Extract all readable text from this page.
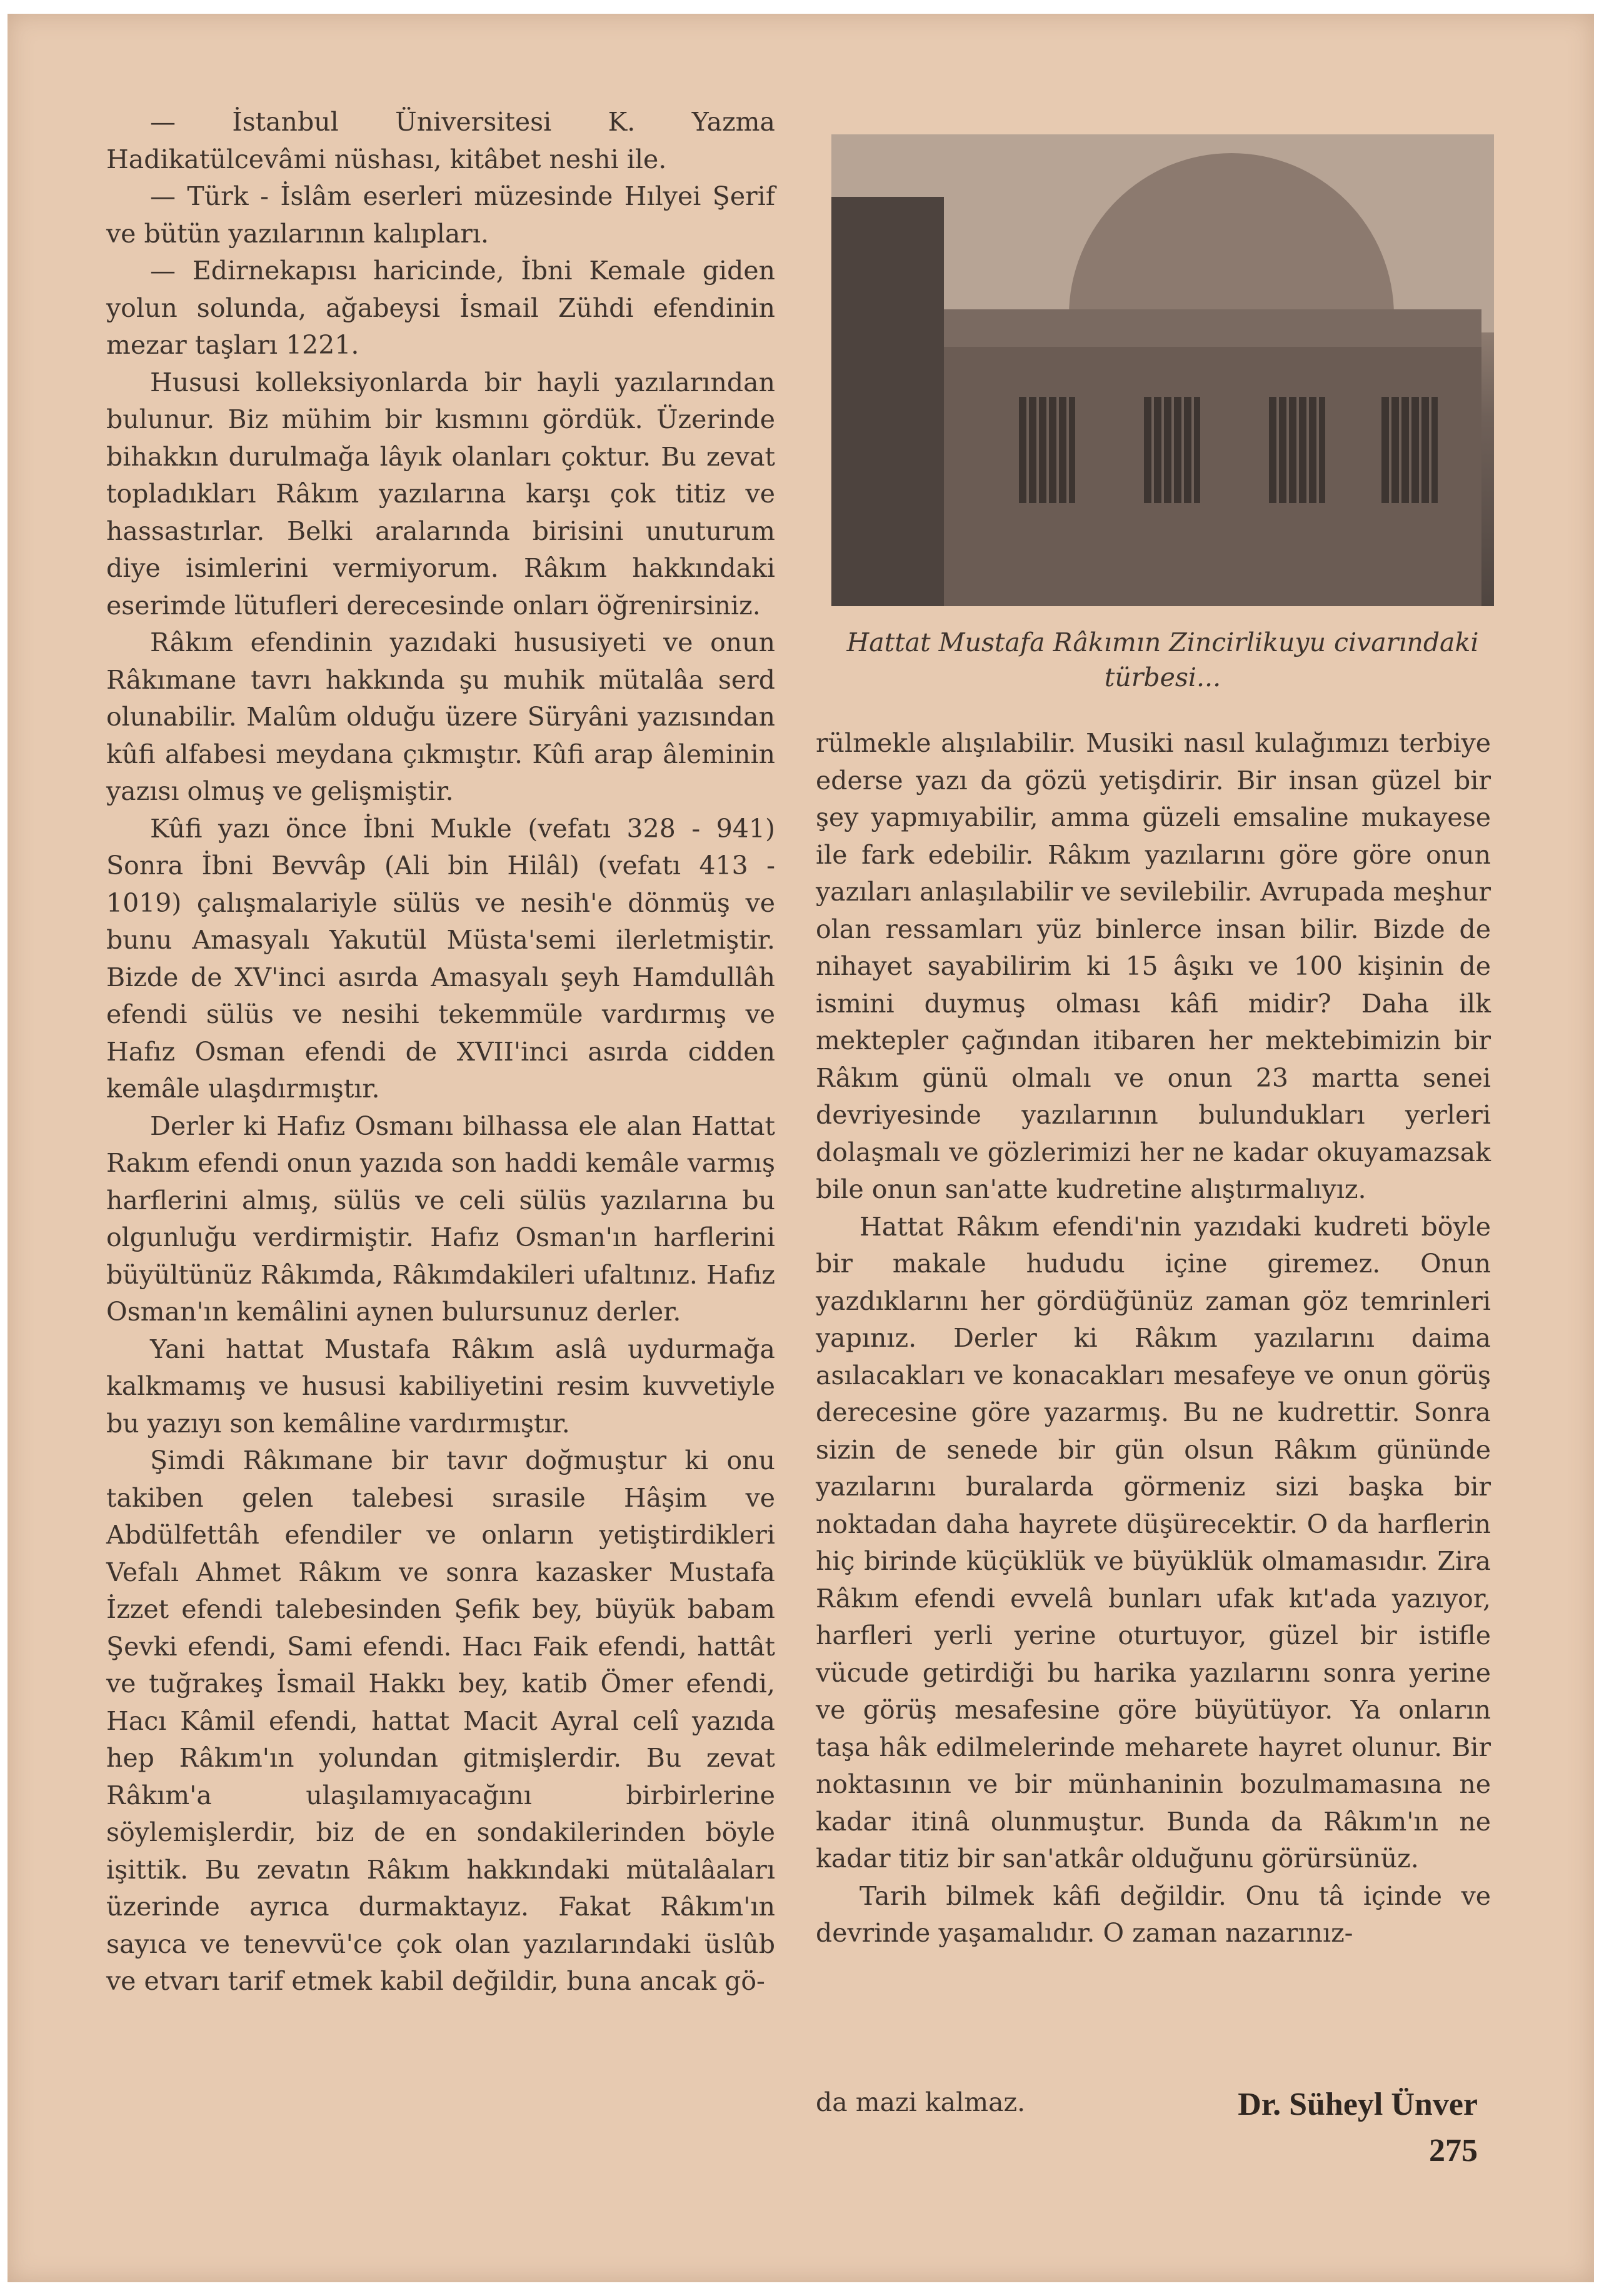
— İstanbul Üniversitesi K. Yazma Hadikatülcevâmi nüshası, kitâbet neshi ile.

— Türk - İslâm eserleri müzesinde Hılyei Şerif ve bütün yazılarının kalıpları.

— Edirnekapısı haricinde, İbni Kemale giden yolun solunda, ağabeysi İsmail Zühdi efendinin mezar taşları 1221.

Hususi kolleksiyonlarda bir hayli yazılarından bulunur. Biz mühim bir kısmını gördük. Üzerinde bihakkın durulmağa lâyık olanları çoktur. Bu zevat topladıkları Râkım yazılarına karşı çok titiz ve hassastırlar. Belki aralarında birisini unuturum diye isimlerini vermiyorum. Râkım hakkındaki eserimde lütufleri derecesinde onları öğrenirsiniz.

Râkım efendinin yazıdaki hususiyeti ve onun Râkımane tavrı hakkında şu muhik mütalâa serd olunabilir. Malûm olduğu üzere Süryâni yazısından kûfi alfabesi meydana çıkmıştır. Kûfi arap âleminin yazısı olmuş ve gelişmiştir.

Kûfi yazı önce İbni Mukle (vefatı 328 - 941) Sonra İbni Bevvâp (Ali bin Hilâl) (vefatı 413 - 1019) çalışmalariyle sülüs ve nesih'e dönmüş ve bunu Amasyalı Yakutül Müsta'semi ilerletmiştir. Bizde de XV'inci asırda Amasyalı şeyh Hamdullâh efendi sülüs ve nesihi tekemmüle vardırmış ve Hafız Osman efendi de XVII'inci asırda cidden kemâle ulaşdırmıştır.

Derler ki Hafız Osmanı bilhassa ele alan Hattat Rakım efendi onun yazıda son haddi kemâle varmış harflerini almış, sülüs ve celi sülüs yazılarına bu olgunluğu verdirmiştir. Hafız Osman'ın harflerini büyültünüz Râkımda, Râkımdakileri ufaltınız. Hafız Osman'ın kemâlini aynen bulursunuz derler.

Yani hattat Mustafa Râkım aslâ uydurmağa kalkmamış ve hususi kabiliyetini resim kuvvetiyle bu yazıyı son kemâline vardırmıştır.

Şimdi Râkımane bir tavır doğmuştur ki onu takiben gelen talebesi sırasile Hâşim ve Abdülfettâh efendiler ve onların yetiştirdikleri Vefalı Ahmet Râkım ve sonra kazasker Mustafa İzzet efendi talebesinden Şefik bey, büyük babam Şevki efendi, Sami efendi. Hacı Faik efendi, hattât ve tuğrakeş İsmail Hakkı bey, katib Ömer efendi, Hacı Kâmil efendi, hattat Macit Ayral celî yazıda hep Râkım'ın yolundan gitmişlerdir. Bu zevat Râkım'a ulaşılamıyacağını birbirlerine söylemişlerdir, biz de en sondakilerinden böyle işittik. Bu zevatın Râkım hakkındaki mütalâaları üzerinde ayrıca durmaktayız. Fakat Râkım'ın sayıca ve tenevvü'ce çok olan yazılarındaki üslûb ve etvarı tarif etmek kabil değildir, buna ancak gö-

Hattat Mustafa Râkımın Zincirlikuyu civarındaki türbesi...

rülmekle alışılabilir. Musiki nasıl kulağımızı terbiye ederse yazı da gözü yetişdirir. Bir insan güzel bir şey yapmıyabilir, amma güzeli emsaline mukayese ile fark edebilir. Râkım yazılarını göre göre onun yazıları anlaşılabilir ve sevilebilir. Avrupada meşhur olan ressamları yüz binlerce insan bilir. Bizde de nihayet sayabilirim ki 15 âşıkı ve 100 kişinin de ismini duymuş olması kâfi midir? Daha ilk mektepler çağından itibaren her mektebimizin bir Râkım günü olmalı ve onun 23 martta senei devriyesinde yazılarının bulundukları yerleri dolaşmalı ve gözlerimizi her ne kadar okuyamazsak bile onun san'atte kudretine alıştırmalıyız.

Hattat Râkım efendi'nin yazıdaki kudreti böyle bir makale hududu içine giremez. Onun yazdıklarını her gördüğünüz zaman göz temrinleri yapınız. Derler ki Râkım yazılarını daima asılacakları ve konacakları mesafeye ve onun görüş derecesine göre yazarmış. Bu ne kudrettir. Sonra sizin de senede bir gün olsun Râkım gününde yazılarını buralarda görmeniz sizi başka bir noktadan daha hayrete düşürecektir. O da harflerin hiç birinde küçüklük ve büyüklük olmamasıdır. Zira Râkım efendi evvelâ bunları ufak kıt'ada yazıyor, harfleri yerli yerine oturtuyor, güzel bir istifle vücude getirdiği bu harika yazılarını sonra yerine ve görüş mesafesine göre büyütüyor. Ya onların taşa hâk edilmelerinde meharete hayret olunur. Bir noktasının ve bir münhaninin bozulmamasına ne kadar itinâ olunmuştur. Bunda da Râkım'ın ne kadar titiz bir san'atkâr olduğunu görürsünüz.

Tarih bilmek kâfi değildir. Onu tâ içinde ve devrinde yaşamalıdır. O zaman nazarınız-

da mazi kalmaz.	Dr. Süheyl Ünver
275
